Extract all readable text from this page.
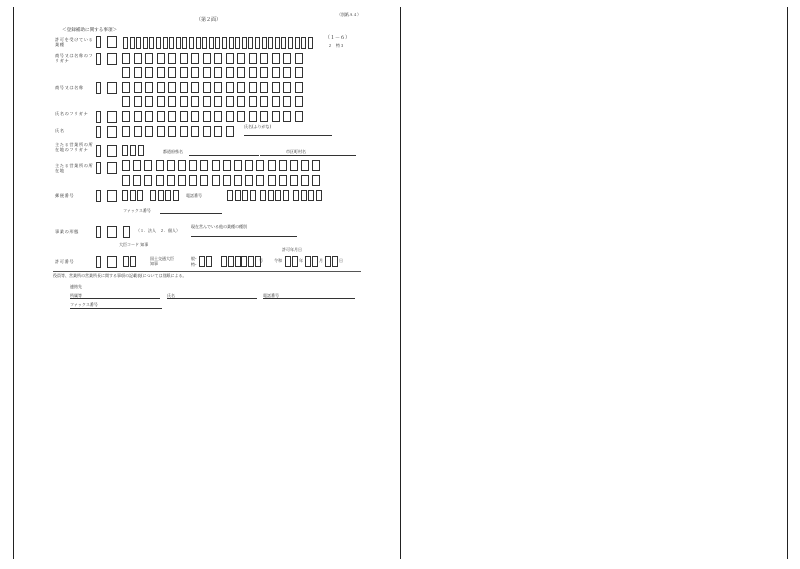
（別紙Ａ４）
（第２面）
＜登録補助に関する事項＞
許可を受けている業種
（１－６）
２　特３
商号又は名称のフリガナ
商号又は名称
氏名のフリガナ
氏名
氏名(ふりがな)
主たる営業所の所在地のフリガナ	都道府県名	市区町村名
主たる営業所の所在地
郵便番号	電話番号
ファックス番号
事業の形態	（１．法人　２．個人）
現在営んでいる他の業種の種別
許可番号
大臣コード 知事
国土交通大臣 知事
般-
特-
号
許可年月日
令和	年	月	日
役員等、営業所の営業所長に関する事項の記載表(については別紙による。
連絡先
所属等	氏名	電話番号
ファックス番号
